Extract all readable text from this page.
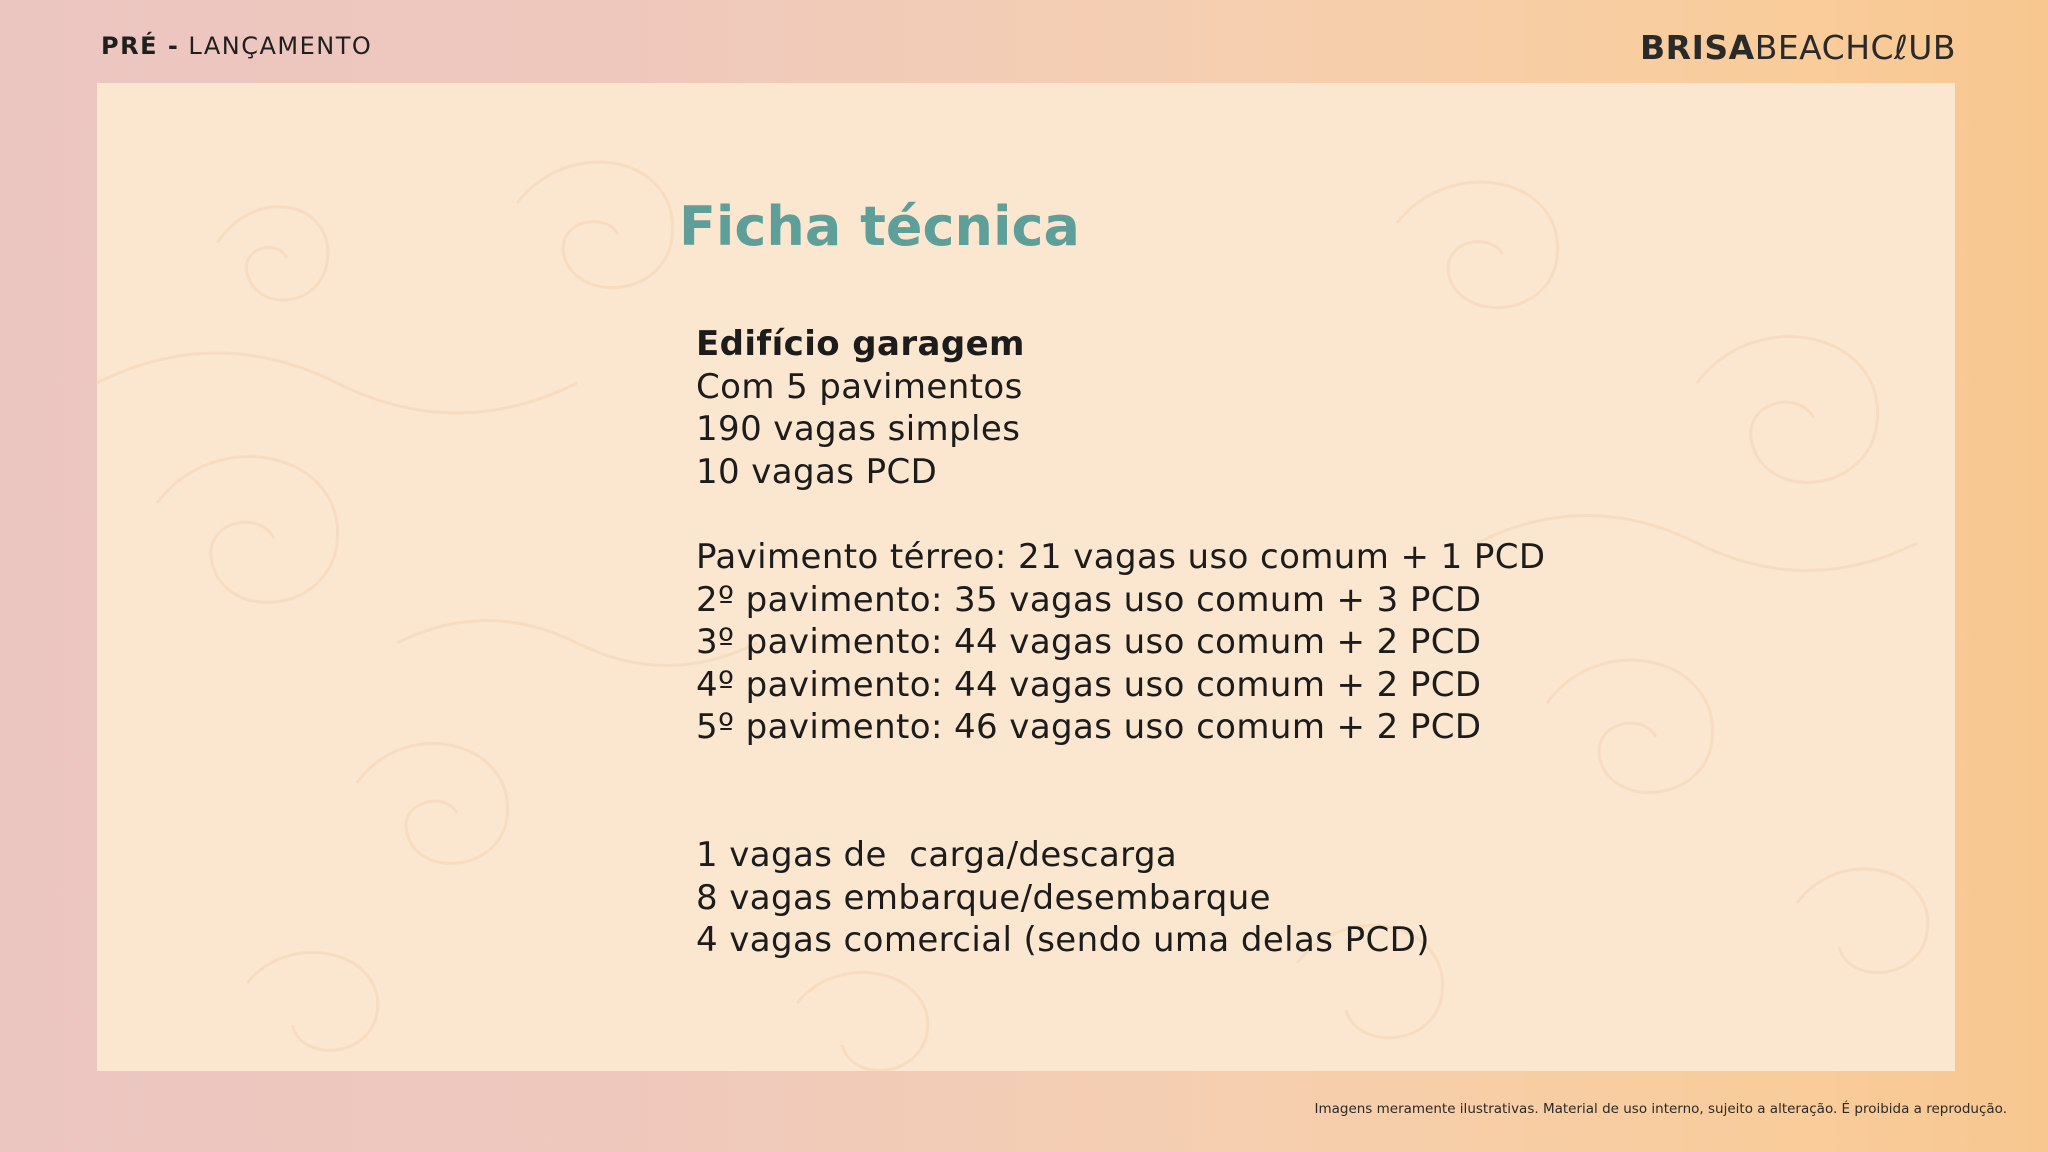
PRÉ - LANÇAMENTO	BRISABEACHCℓUB
Ficha técnica
Edifício garagem
Com 5 pavimentos
190 vagas simples
10 vagas PCD
Pavimento térreo: 21 vagas uso comum + 1 PCD
2º pavimento: 35 vagas uso comum + 3 PCD
3º pavimento: 44 vagas uso comum + 2 PCD
4º pavimento: 44 vagas uso comum + 2 PCD
5º pavimento: 46 vagas uso comum + 2 PCD
1 vagas de  carga/descarga
8 vagas embarque/desembarque
4 vagas comercial (sendo uma delas PCD)
Imagens meramente ilustrativas. Material de uso interno, sujeito a alteração. É proibida a reprodução.
